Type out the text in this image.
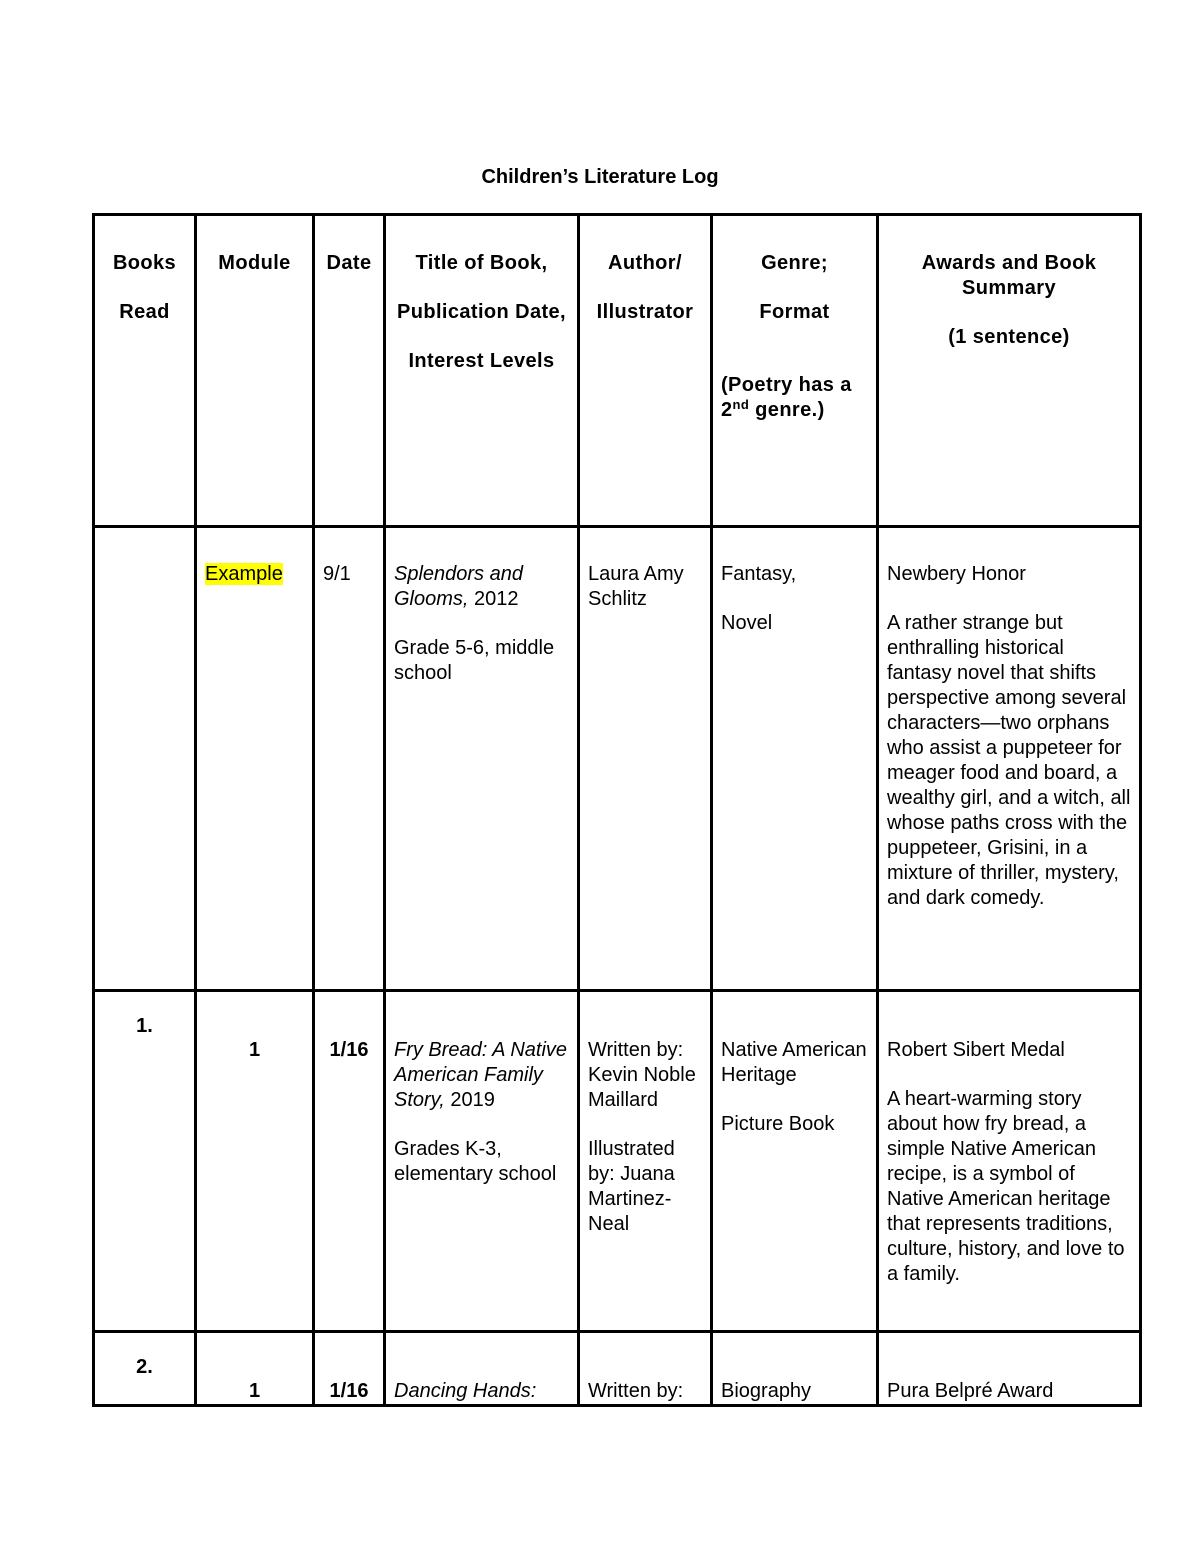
Children’s Literature Log
Books
Read	Module	Date	Title of Book,
Publication Date,
Interest Levels	Author/
Illustrator	Genre;
Format
(Poetry has a 2nd genre.)	Awards and Book Summary
(1 sentence)

	Example	9/1	Splendors and Glooms, 2012
Grade 5-6, middle school	Laura Amy Schlitz	Fantasy,
Novel	Newbery Honor
A rather strange but enthralling historical fantasy novel that shifts perspective among several characters—two orphans who assist a puppeteer for meager food and board, a wealthy girl, and a witch, all whose paths cross with the puppeteer, Grisini, in a mixture of thriller, mystery, and dark comedy.

1.	1	1/16	Fry Bread: A Native American Family Story, 2019
Grades K-3, elementary school	Written by: Kevin Noble Maillard
Illustrated by: Juana Martinez-Neal	Native American Heritage
Picture Book	Robert Sibert Medal
A heart-warming story about how fry bread, a simple Native American recipe, is a symbol of Native American heritage that represents traditions, culture, history, and love to a family.

2.	1	1/16	Dancing Hands:	Written by:	Biography	Pura Belpré Award
